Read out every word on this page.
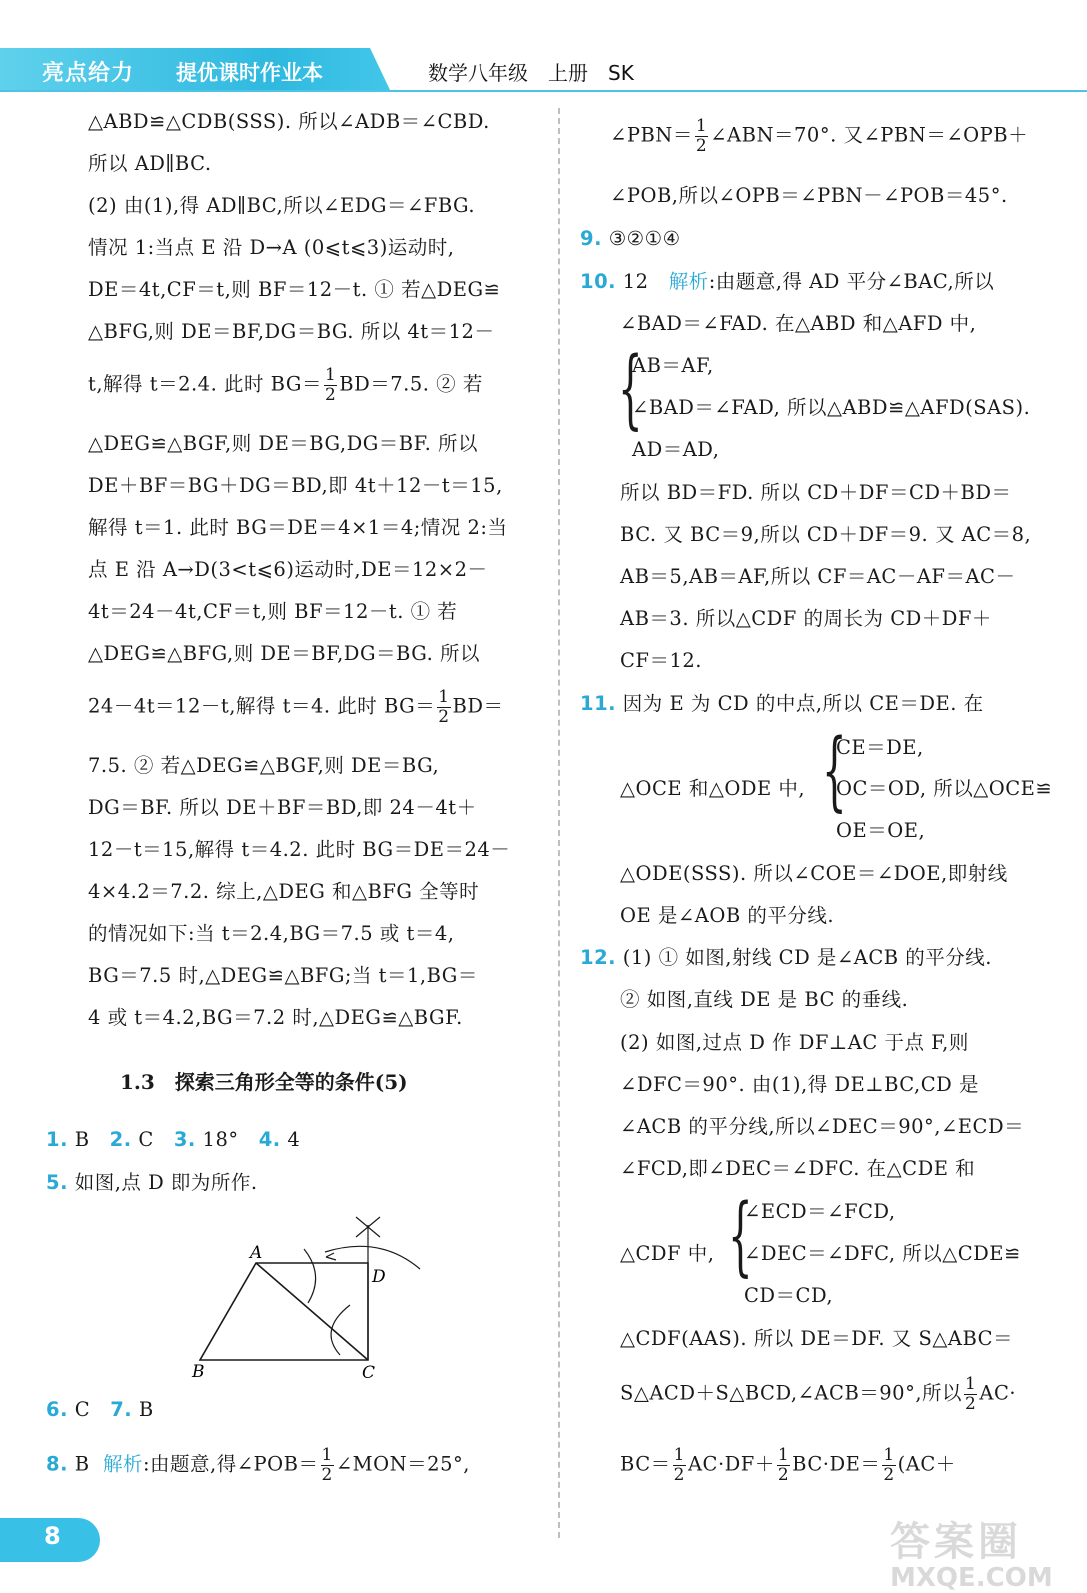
亮点给力 提优课时作业本	数学八年级　上册　SK
△ABD≌△CDB(SSS). 所以∠ADB＝∠CBD.
所以 AD∥BC.
(2) 由(1),得 AD∥BC,所以∠EDG＝∠FBG.
情况 1:当点 E 沿 D→A (0⩽t⩽3)运动时,
DE＝4t,CF＝t,则 BF＝12－t. ① 若△DEG≌
△BFG,则 DE＝BF,DG＝BG. 所以 4t＝12－
t,解得 t＝2.4. 此时 $BG= \frac{1}{2} BD=7.5$. ② 若
△DEG≌△BGF,则 DE＝BG,DG＝BF. 所以
DE＋BF＝BG＋DG＝BD,即 4t＋12－t＝15,
解得 t＝1. 此时 BG＝DE＝4×1＝4;情况 2:当
点 E 沿 A→D(3<t⩽6)运动时,DE＝12×2－
4t＝24－4t,CF＝t,则 BF＝12－t. ① 若
△DEG≌△BFG,则 DE＝BF,DG＝BG. 所以
24－4t＝12－t,解得 t＝4. 此时 $BG= \frac{1}{2} BD=$
7.5. ② 若△DEG≌△BGF,则 DE＝BG,
DG＝BF. 所以 DE＋BF＝BD,即 24－4t＋
12－t＝15,解得 t＝4.2. 此时 BG＝DE＝24－
4×4.2＝7.2. 综上,△DEG 和△BFG 全等时
的情况如下:当 t＝2.4,BG＝7.5 或 t＝4,
BG＝7.5 时,△DEG≌△BFG;当 t＝1,BG＝
4 或 t＝4.2,BG＝7.2 时,△DEG≌△BGF.
1.3　探索三角形全等的条件(5)
1. B 2. C 3. 18° 4. 4
5. 如图,点 D 即为所作.
A
D
B	C
6. C 7. B
8. B 解析:由题意,得∠POB＝ $\frac{1}{2}$ ∠MON＝25°,
∠PBN＝ $\frac{1}{2}$ ∠ABN＝70°. 又∠PBN＝∠OPB＋
∠POB,所以∠OPB＝∠PBN－∠POB＝45°.
9. ③②①④
10. 12 解析:由题意,得 AD 平分∠BAC,所以
∠BAD＝∠FAD. 在△ABD 和△AFD 中,
{
AB＝AF,
∠BAD＝∠FAD, 所以△ABD≌△AFD(SAS).
AD＝AD,
所以 BD＝FD. 所以 CD＋DF＝CD＋BD＝
BC. 又 BC＝9,所以 CD＋DF＝9. 又 AC＝8,
AB＝5,AB＝AF,所以 CF＝AC－AF＝AC－
AB＝3. 所以△CDF 的周长为 CD＋DF＋
CF＝12.
11. 因为 E 为 CD 的中点,所以 CE＝DE. 在
{
CE＝DE,
△OCE 和△ODE 中, OC＝OD, 所以△OCE≌
OE＝OE,
△ODE(SSS). 所以∠COE＝∠DOE,即射线
OE 是∠AOB 的平分线.
12. (1) ① 如图,射线 CD 是∠ACB 的平分线.
② 如图,直线 DE 是 BC 的垂线.
(2) 如图,过点 D 作 DF⊥AC 于点 F,则
∠DFC＝90°. 由(1),得 DE⊥BC,CD 是
∠ACB 的平分线,所以∠DEC＝90°,∠ECD＝
∠FCD,即∠DEC＝∠DFC. 在△CDE 和
{
∠ECD＝∠FCD,
△CDF 中, ∠DEC＝∠DFC, 所以△CDE≌
CD＝CD,
△CDF(AAS). 所以 DE＝DF. 又 S△ABC＝
S△ACD＋S△BCD,∠ACB＝90°,所以 $\frac{1}{2} AC\cdot$
$BC= \frac{1}{2} AC\cdot DF+ \frac{1}{2} BC\cdot DE= \frac{1}{2} (AC+$
8	答案圈
MXQE.COM
